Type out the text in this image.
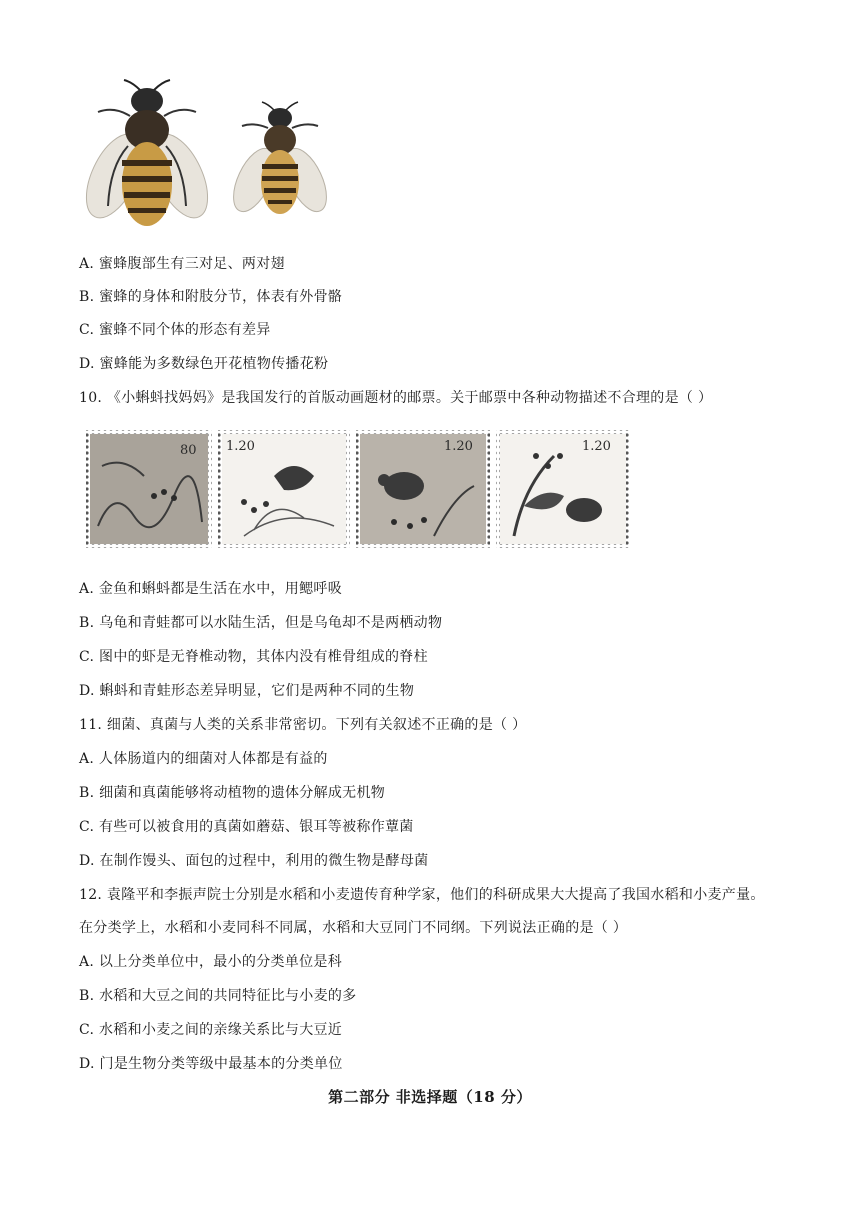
A. 蜜蜂腹部生有三对足、两对翅
B. 蜜蜂的身体和附肢分节，体表有外骨骼
C. 蜜蜂不同个体的形态有差异
D. 蜜蜂能为多数绿色开花植物传播花粉
10. 《小蝌蚪找妈妈》是我国发行的首版动画题材的邮票。关于邮票中各种动物描述不合理的是（ ）
80 1.20	1.20	1.20
A. 金鱼和蝌蚪都是生活在水中，用鳃呼吸
B. 乌龟和青蛙都可以水陆生活，但是乌龟却不是两栖动物
C. 图中的虾是无脊椎动物，其体内没有椎骨组成的脊柱
D. 蝌蚪和青蛙形态差异明显，它们是两种不同的生物
11. 细菌、真菌与人类的关系非常密切。下列有关叙述不正确的是（ ）
A. 人体肠道内的细菌对人体都是有益的
B. 细菌和真菌能够将动植物的遗体分解成无机物
C. 有些可以被食用的真菌如蘑菇、银耳等被称作蕈菌
D. 在制作馒头、面包的过程中，利用的微生物是酵母菌
12. 袁隆平和李振声院士分别是水稻和小麦遗传育种学家，他们的科研成果大大提高了我国水稻和小麦产量。
在分类学上，水稻和小麦同科不同属，水稻和大豆同门不同纲。下列说法正确的是（ ）
A. 以上分类单位中，最小的分类单位是科
B. 水稻和大豆之间的共同特征比与小麦的多
C. 水稻和小麦之间的亲缘关系比与大豆近
D. 门是生物分类等级中最基本的分类单位
第二部分 非选择题（18 分）
